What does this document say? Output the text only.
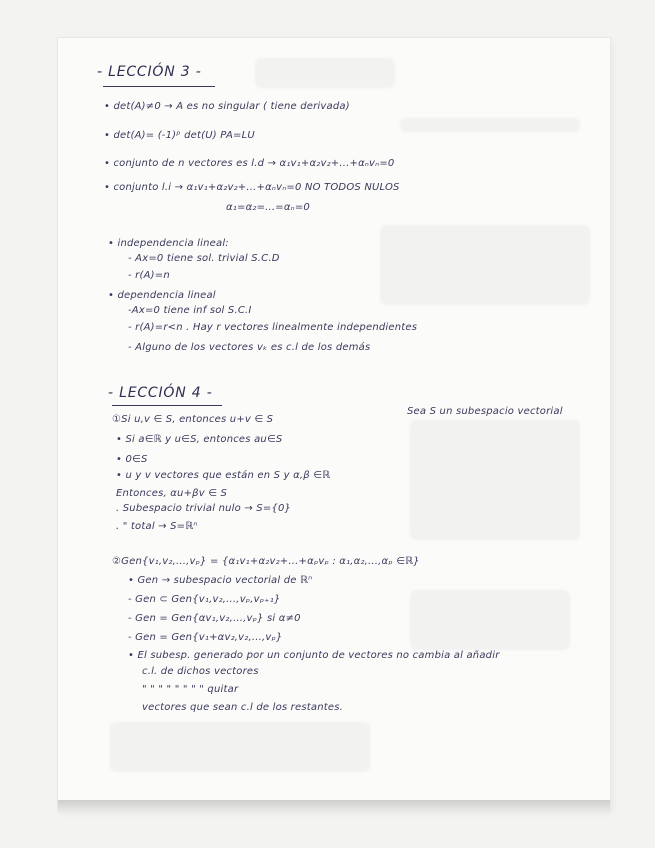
- LECCIÓN 3 -
• det(A)≠0 → A es no singular ( tiene derivada)
• det(A)= (-1)ᵖ det(U) PA=LU
• conjunto de n vectores es l.d → α₁v₁+α₂v₂+...+αₙvₙ=0
• conjunto l.i → α₁v₁+α₂v₂+...+αₙvₙ=0 NO TODOS NULOS
α₁=α₂=...=αₙ=0
• independencia lineal:
- Ax=0 tiene sol. trivial S.C.D
- r(A)=n
• dependencia lineal
-Ax=0 tiene inf sol S.C.I
- r(A)=r<n . Hay r vectores linealmente independientes
- Alguno de los vectores vₖ es c.l de los demás
- LECCIÓN 4 -
Sea S un subespacio vectorial
①Si u,v ∈ S, entonces u+v ∈ S
• Si a∈ℝ y u∈S, entonces au∈S
• 0∈S
• u y v vectores que están en S y α,β ∈ℝ
Entonces, αu+βv ∈ S
. Subespacio trivial nulo → S={0}
. " total → S=ℝⁿ
②Gen{v₁,v₂,...,vₚ} = {α₁v₁+α₂v₂+...+αₚvₚ : α₁,α₂,...,αₚ ∈ℝ}
• Gen → subespacio vectorial de ℝⁿ
- Gen ⊂ Gen{v₁,v₂,...,vₚ,vₚ₊₁}
- Gen = Gen{αv₁,v₂,...,vₚ} si α≠0
- Gen = Gen{v₁+αv₂,v₂,...,vₚ}
• El subesp. generado por un conjunto de vectores no cambia al añadir
c.l. de dichos vectores
" " " " " " " " quitar
vectores que sean c.l de los restantes.
